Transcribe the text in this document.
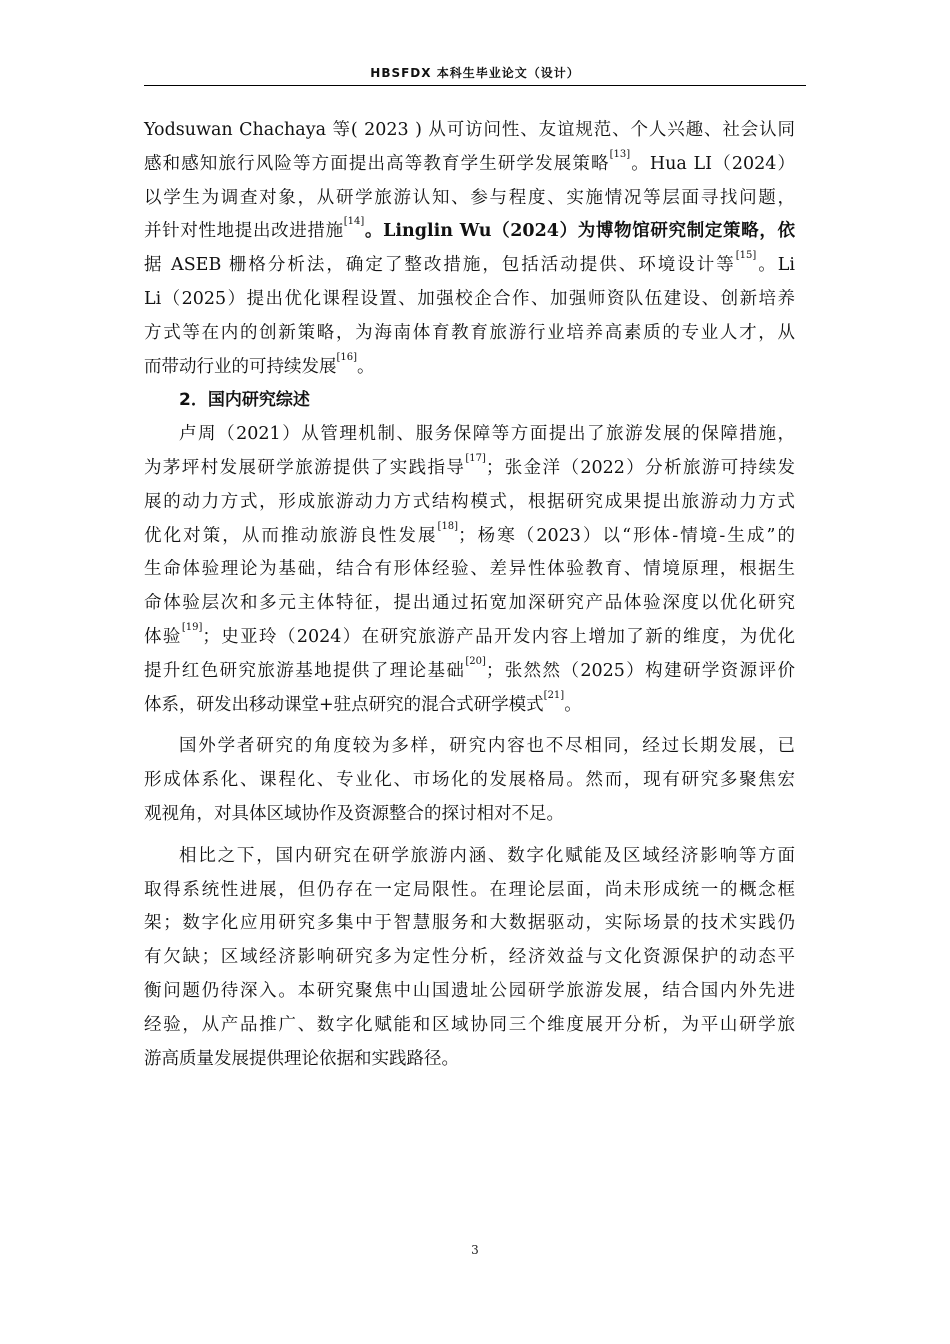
HBSFDX 本科生毕业论文（设计）

Yodsuwan Chachaya 等( 2023 ) 从可访问性、友谊规范、个人兴趣、社会认同
感和感知旅行风险等方面提出高等教育学生研学发展策略[13]。Hua LI（2024）
以学生为调查对象，从研学旅游认知、参与程度、实施情况等层面寻找问题，
并针对性地提出改进措施[14]。Linglin Wu（2024）为博物馆研究制定策略，依
据 ASEB 栅格分析法，确定了整改措施，包括活动提供、环境设计等[15]。Li
Li（2025）提出优化课程设置、加强校企合作、加强师资队伍建设、创新培养
方式等在内的创新策略，为海南体育教育旅游行业培养高素质的专业人才，从
而带动行业的可持续发展[16]。

2．国内研究综述

卢周（2021）从管理机制、服务保障等方面提出了旅游发展的保障措施，
为茅坪村发展研学旅游提供了实践指导[17]；张金洋（2022）分析旅游可持续发
展的动力方式，形成旅游动力方式结构模式，根据研究成果提出旅游动力方式
优化对策，从而推动旅游良性发展[18]；杨寒（2023）以“形体-情境-生成”的
生命体验理论为基础，结合有形体经验、差异性体验教育、情境原理，根据生
命体验层次和多元主体特征，提出通过拓宽加深研究产品体验深度以优化研究
体验[19]；史亚玲（2024）在研究旅游产品开发内容上增加了新的维度，为优化
提升红色研究旅游基地提供了理论基础[20]；张然然（2025）构建研学资源评价
体系，研发出移动课堂+驻点研究的混合式研学模式[21]。

国外学者研究的角度较为多样，研究内容也不尽相同，经过长期发展，已
形成体系化、课程化、专业化、市场化的发展格局。然而，现有研究多聚焦宏
观视角，对具体区域协作及资源整合的探讨相对不足。

相比之下，国内研究在研学旅游内涵、数字化赋能及区域经济影响等方面
取得系统性进展，但仍存在一定局限性。在理论层面，尚未形成统一的概念框
架；数字化应用研究多集中于智慧服务和大数据驱动，实际场景的技术实践仍
有欠缺；区域经济影响研究多为定性分析，经济效益与文化资源保护的动态平
衡问题仍待深入。本研究聚焦中山国遗址公园研学旅游发展，结合国内外先进
经验，从产品推广、数字化赋能和区域协同三个维度展开分析，为平山研学旅
游高质量发展提供理论依据和实践路径。

3
